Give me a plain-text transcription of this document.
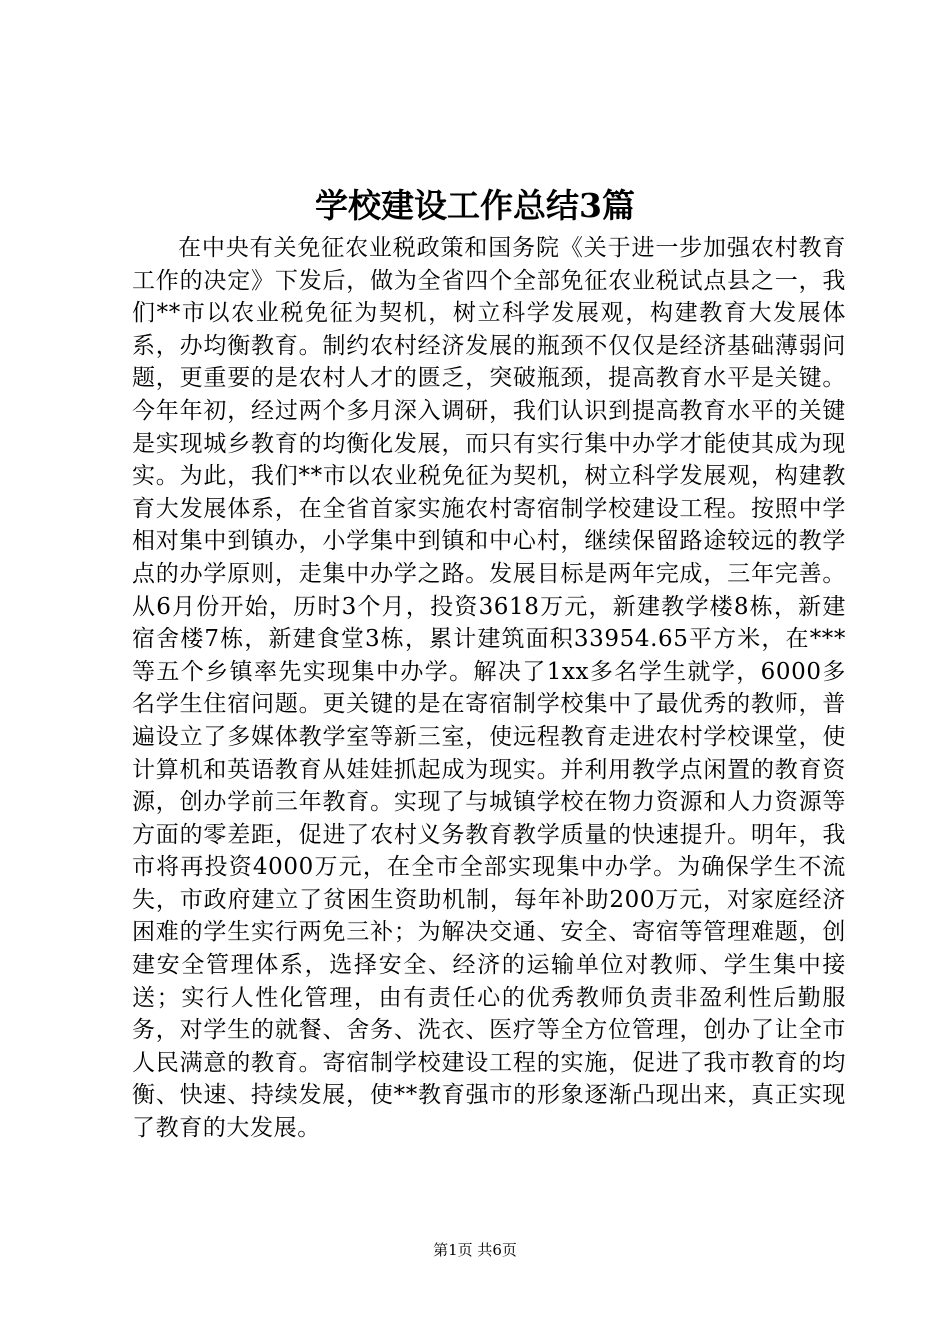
学校建设工作总结3篇

在中央有关免征农业税政策和国务院《关于进一步加强农村教育工作的决定》下发后，做为全省四个全部免征农业税试点县之一，我们**市以农业税免征为契机，树立科学发展观，构建教育大发展体系，办均衡教育。制约农村经济发展的瓶颈不仅仅是经济基础薄弱问题，更重要的是农村人才的匮乏，突破瓶颈，提高教育水平是关键。今年年初，经过两个多月深入调研，我们认识到提高教育水平的关键是实现城乡教育的均衡化发展，而只有实行集中办学才能使其成为现实。为此，我们**市以农业税免征为契机，树立科学发展观，构建教育大发展体系，在全省首家实施农村寄宿制学校建设工程。按照中学相对集中到镇办，小学集中到镇和中心村，继续保留路途较远的教学点的办学原则，走集中办学之路。发展目标是两年完成，三年完善。从6月份开始，历时3个月，投资3618万元，新建教学楼8栋，新建宿舍楼7栋，新建食堂3栋，累计建筑面积33954.65平方米，在***等五个乡镇率先实现集中办学。解决了1xx多名学生就学，6000多名学生住宿问题。更关键的是在寄宿制学校集中了最优秀的教师，普遍设立了多媒体教学室等新三室，使远程教育走进农村学校课堂，使计算机和英语教育从娃娃抓起成为现实。并利用教学点闲置的教育资源，创办学前三年教育。实现了与城镇学校在物力资源和人力资源等方面的零差距，促进了农村义务教育教学质量的快速提升。明年，我市将再投资4000万元，在全市全部实现集中办学。为确保学生不流失，市政府建立了贫困生资助机制，每年补助200万元，对家庭经济困难的学生实行两免三补；为解决交通、安全、寄宿等管理难题，创建安全管理体系，选择安全、经济的运输单位对教师、学生集中接送；实行人性化管理，由有责任心的优秀教师负责非盈利性后勤服务，对学生的就餐、舍务、洗衣、医疗等全方位管理，创办了让全市人民满意的教育。寄宿制学校建设工程的实施，促进了我市教育的均衡、快速、持续发展，使**教育强市的形象逐渐凸现出来，真正实现了教育的大发展。

第1页 共6页
